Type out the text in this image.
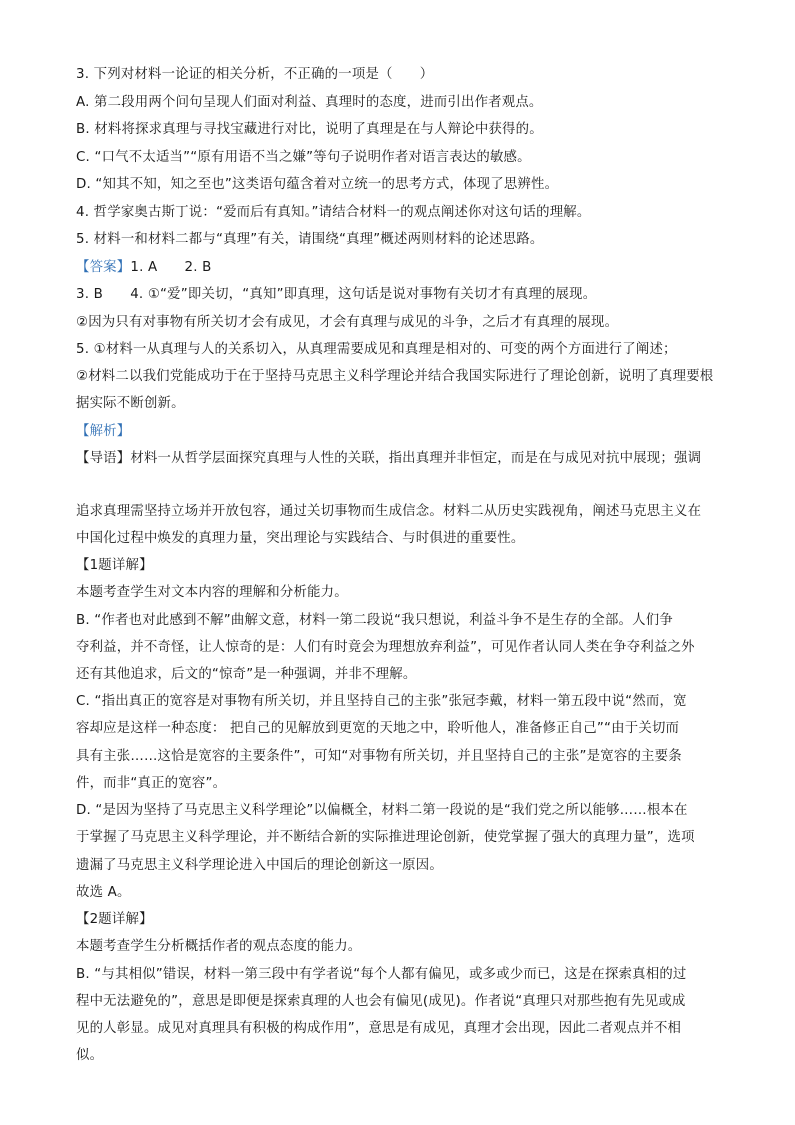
3. 下列对材料一论证的相关分析，不正确的一项是（　　）
A. 第二段用两个问句呈现人们面对利益、真理时的态度，进而引出作者观点。
B. 材料将探求真理与寻找宝藏进行对比，说明了真理是在与人辩论中获得的。
C. “口气不太适当”“原有用语不当之嫌”等句子说明作者对语言表达的敏感。
D. “知其不知，知之至也”这类语句蕴含着对立统一的思考方式，体现了思辨性。
4. 哲学家奥古斯丁说：“爱而后有真知。”请结合材料一的观点阐述你对这句话的理解。
5. 材料一和材料二都与“真理”有关，请围绕“真理”概述两则材料的论述思路。
【答案】1. A　　2. B
3. B　　4. ①“爱”即关切，“真知”即真理，这句话是说对事物有关切才有真理的展现。
②因为只有对事物有所关切才会有成见，才会有真理与成见的斗争，之后才有真理的展现。
5. ①材料一从真理与人的关系切入，从真理需要成见和真理是相对的、可变的两个方面进行了阐述；
②材料二以我们党能成功于在于坚持马克思主义科学理论并结合我国实际进行了理论创新，说明了真理要根
据实际不断创新。
【解析】
【导语】材料一从哲学层面探究真理与人性的关联，指出真理并非恒定，而是在与成见对抗中展现；强调
追求真理需坚持立场并开放包容，通过关切事物而生成信念。材料二从历史实践视角，阐述马克思主义在
中国化过程中焕发的真理力量，突出理论与实践结合、与时俱进的重要性。
【1题详解】
本题考查学生对文本内容的理解和分析能力。
B. “作者也对此感到不解”曲解文意，材料一第二段说“我只想说，利益斗争不是生存的全部。人们争
夺利益，并不奇怪，让人惊奇的是：人们有时竟会为理想放弃利益”，可见作者认同人类在争夺利益之外
还有其他追求，后文的“惊奇”是一种强调，并非不理解。
C. “指出真正的宽容是对事物有所关切，并且坚持自己的主张”张冠李戴，材料一第五段中说“然而，宽
容却应是这样一种态度： 把自己的见解放到更宽的天地之中，聆听他人，准备修正自己”“由于关切而
具有主张……这恰是宽容的主要条件”，可知“对事物有所关切，并且坚持自己的主张”是宽容的主要条
件，而非“真正的宽容”。
D. “是因为坚持了马克思主义科学理论”以偏概全，材料二第一段说的是“我们党之所以能够……根本在
于掌握了马克思主义科学理论，并不断结合新的实际推进理论创新，使党掌握了强大的真理力量”，选项
遗漏了马克思主义科学理论进入中国后的理论创新这一原因。
故选 A。
【2题详解】
本题考查学生分析概括作者的观点态度的能力。
B. “与其相似”错误，材料一第三段中有学者说“每个人都有偏见，或多或少而已，这是在探索真相的过
程中无法避免的”，意思是即便是探索真理的人也会有偏见(成见)。作者说“真理只对那些抱有先见或成
见的人彰显。成见对真理具有积极的构成作用”，意思是有成见，真理才会出现，因此二者观点并不相
似。
